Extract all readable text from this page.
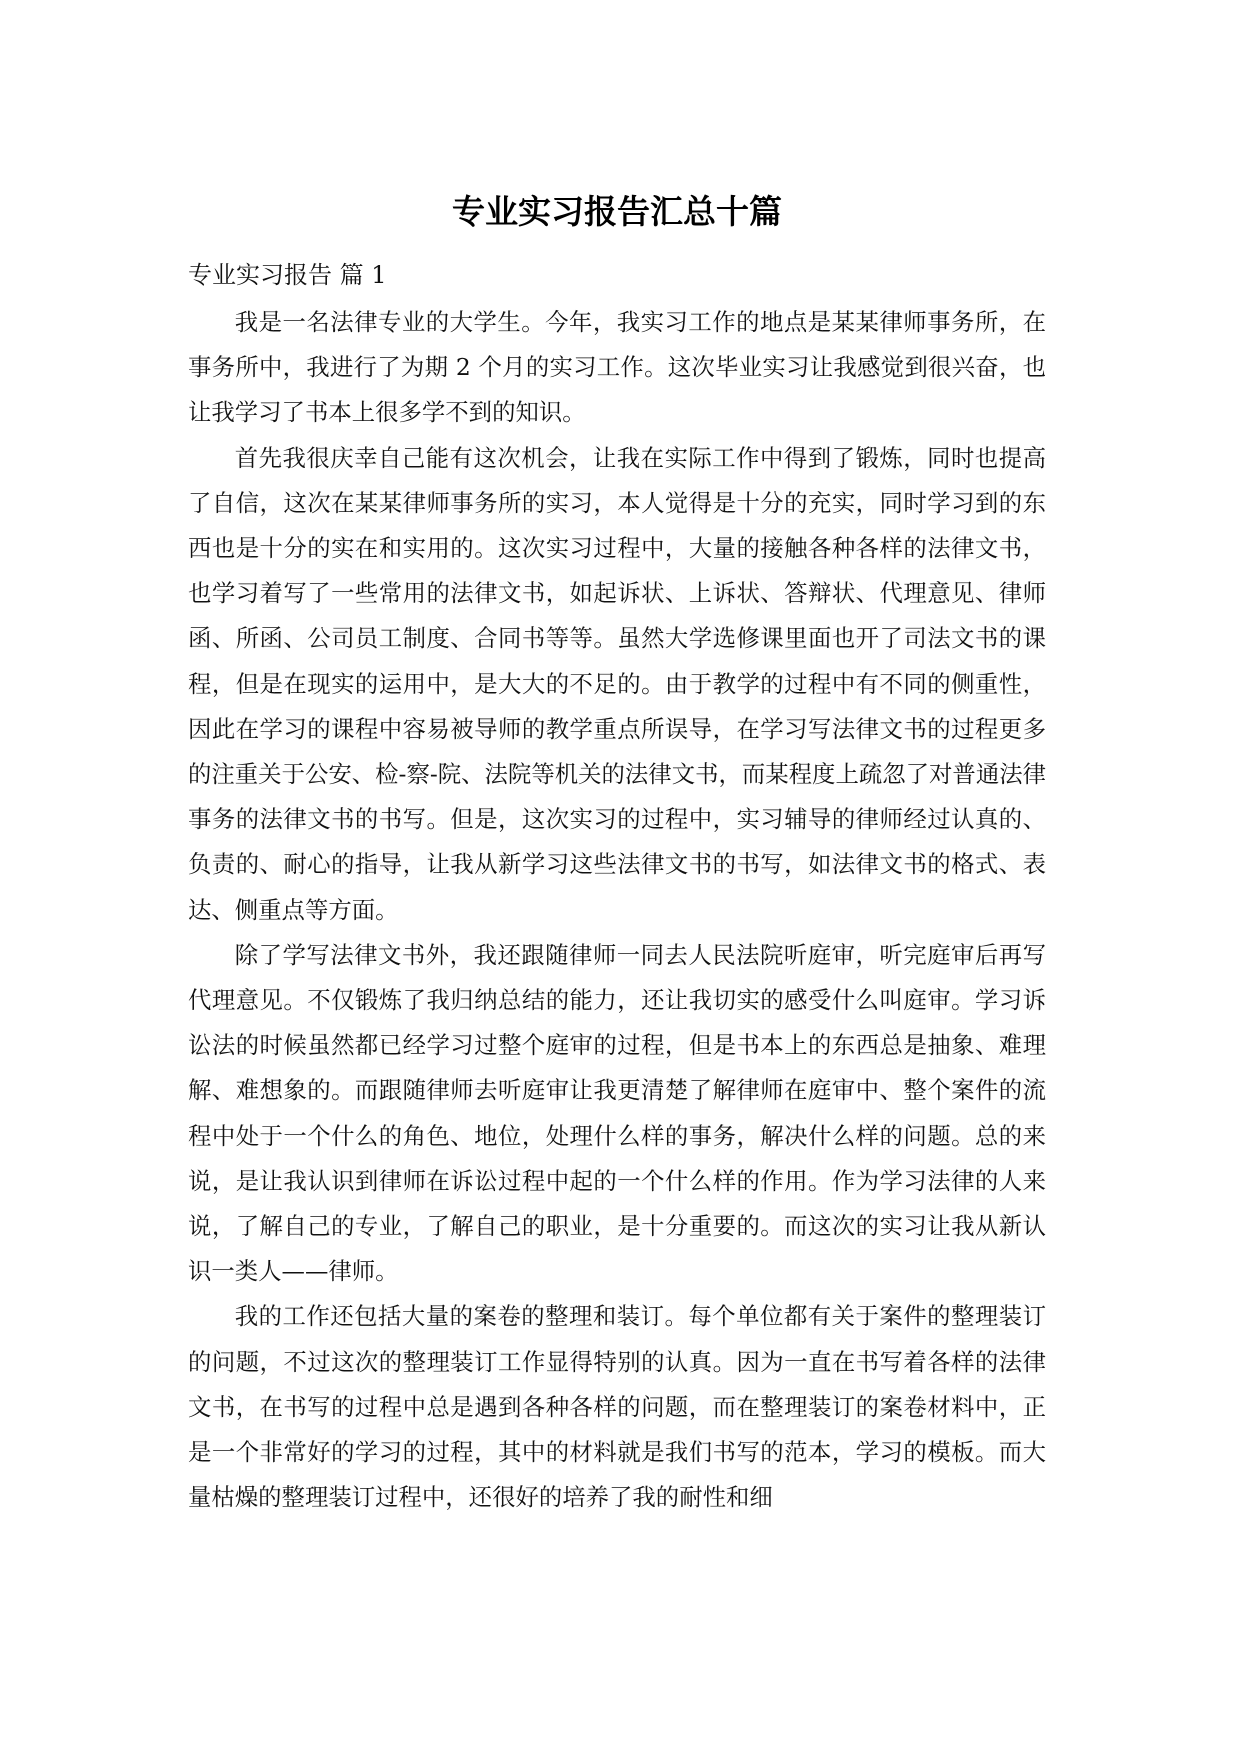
专业实习报告汇总十篇
专业实习报告 篇 1

我是一名法律专业的大学生。今年，我实习工作的地点是某某律师事务所，在事务所中，我进行了为期 2 个月的实习工作。这次毕业实习让我感觉到很兴奋，也让我学习了书本上很多学不到的知识。

首先我很庆幸自己能有这次机会，让我在实际工作中得到了锻炼，同时也提高了自信，这次在某某律师事务所的实习，本人觉得是十分的充实，同时学习到的东西也是十分的实在和实用的。这次实习过程中，大量的接触各种各样的法律文书，也学习着写了一些常用的法律文书，如起诉状、上诉状、答辩状、代理意见、律师函、所函、公司员工制度、合同书等等。虽然大学选修课里面也开了司法文书的课程，但是在现实的运用中，是大大的不足的。由于教学的过程中有不同的侧重性，因此在学习的课程中容易被导师的教学重点所误导，在学习写法律文书的过程更多的注重关于公安、检-察-院、法院等机关的法律文书，而某程度上疏忽了对普通法律事务的法律文书的书写。但是，这次实习的过程中，实习辅导的律师经过认真的、负责的、耐心的指导，让我从新学习这些法律文书的书写，如法律文书的格式、表达、侧重点等方面。

除了学写法律文书外，我还跟随律师一同去人民法院听庭审，听完庭审后再写代理意见。不仅锻炼了我归纳总结的能力，还让我切实的感受什么叫庭审。学习诉讼法的时候虽然都已经学习过整个庭审的过程，但是书本上的东西总是抽象、难理解、难想象的。而跟随律师去听庭审让我更清楚了解律师在庭审中、整个案件的流程中处于一个什么的角色、地位，处理什么样的事务，解决什么样的问题。总的来说，是让我认识到律师在诉讼过程中起的一个什么样的作用。作为学习法律的人来说，了解自己的专业，了解自己的职业，是十分重要的。而这次的实习让我从新认识一类人——律师。

我的工作还包括大量的案卷的整理和装订。每个单位都有关于案件的整理装订的问题，不过这次的整理装订工作显得特别的认真。因为一直在书写着各样的法律文书，在书写的过程中总是遇到各种各样的问题，而在整理装订的案卷材料中，正是一个非常好的学习的过程，其中的材料就是我们书写的范本，学习的模板。而大量枯燥的整理装订过程中，还很好的培养了我的耐性和细
